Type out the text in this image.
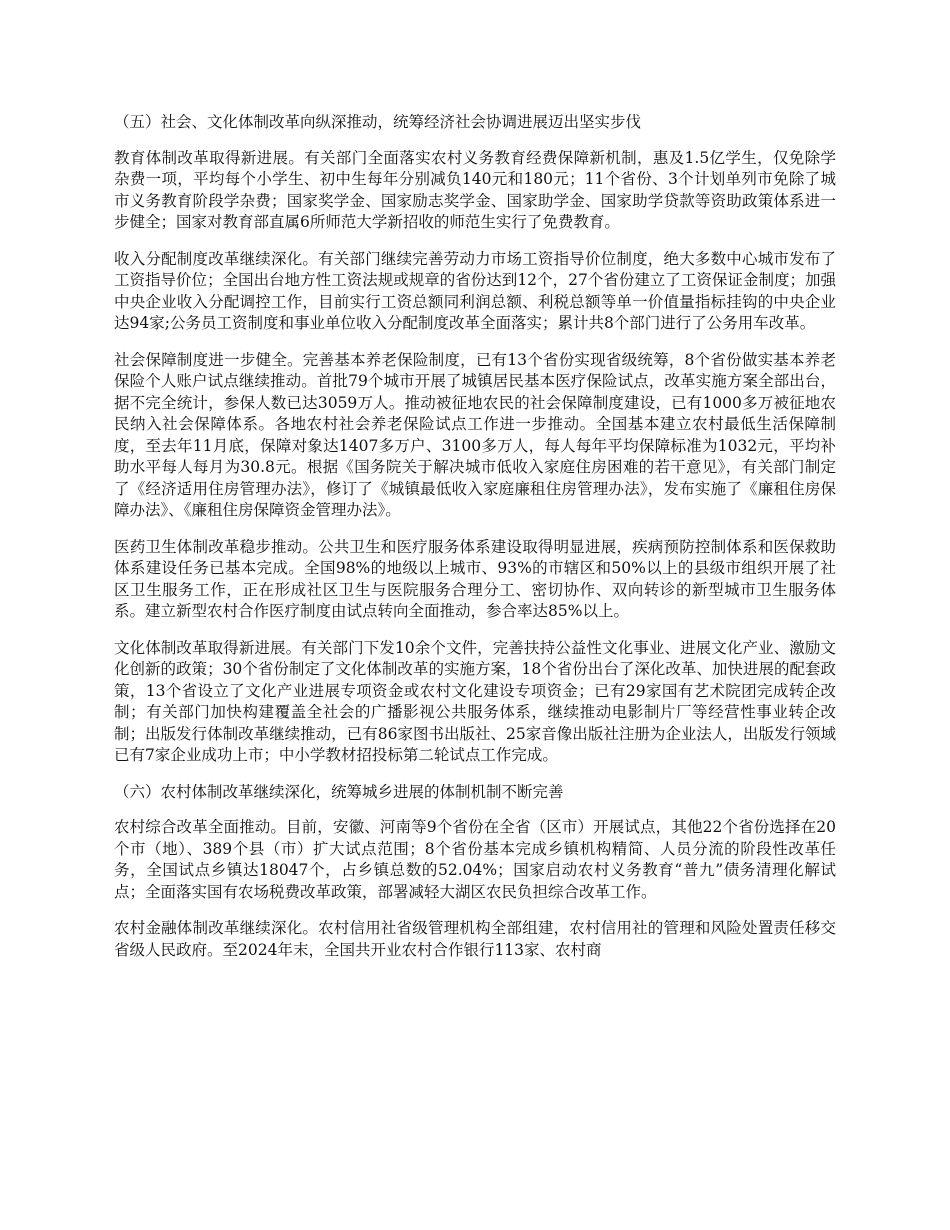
（五）社会、文化体制改革向纵深推动，统筹经济社会协调进展迈出坚实步伐

教育体制改革取得新进展。有关部门全面落实农村义务教育经费保障新机制，惠及1.5亿学生，仅免除学杂费一项，平均每个小学生、初中生每年分别减负140元和180元；11个省份、3个计划单列市免除了城市义务教育阶段学杂费；国家奖学金、国家励志奖学金、国家助学金、国家助学贷款等资助政策体系进一步健全；国家对教育部直属6所师范大学新招收的师范生实行了免费教育。

收入分配制度改革继续深化。有关部门继续完善劳动力市场工资指导价位制度，绝大多数中心城市发布了工资指导价位；全国出台地方性工资法规或规章的省份达到12个，27个省份建立了工资保证金制度；加强中央企业收入分配调控工作，目前实行工资总额同利润总额、利税总额等单一价值量指标挂钩的中央企业达94家;公务员工资制度和事业单位收入分配制度改革全面落实；累计共8个部门进行了公务用车改革。

社会保障制度进一步健全。完善基本养老保险制度，已有13个省份实现省级统筹，8个省份做实基本养老保险个人账户试点继续推动。首批79个城市开展了城镇居民基本医疗保险试点，改革实施方案全部出台，据不完全统计，参保人数已达3059万人。推动被征地农民的社会保障制度建设，已有1000多万被征地农民纳入社会保障体系。各地农村社会养老保险试点工作进一步推动。全国基本建立农村最低生活保障制度，至去年11月底，保障对象达1407多万户、3100多万人，每人每年平均保障标准为1032元，平均补助水平每人每月为30.8元。根据《国务院关于解决城市低收入家庭住房困难的若干意见》，有关部门制定了《经济适用住房管理办法》，修订了《城镇最低收入家庭廉租住房管理办法》，发布实施了《廉租住房保障办法》、《廉租住房保障资金管理办法》。

医药卫生体制改革稳步推动。公共卫生和医疗服务体系建设取得明显进展，疾病预防控制体系和医保救助体系建设任务已基本完成。全国98%的地级以上城市、93%的市辖区和50%以上的县级市组织开展了社区卫生服务工作，正在形成社区卫生与医院服务合理分工、密切协作、双向转诊的新型城市卫生服务体系。建立新型农村合作医疗制度由试点转向全面推动，参合率达85%以上。

文化体制改革取得新进展。有关部门下发10余个文件，完善扶持公益性文化事业、进展文化产业、激励文化创新的政策；30个省份制定了文化体制改革的实施方案，18个省份出台了深化改革、加快进展的配套政策，13个省设立了文化产业进展专项资金或农村文化建设专项资金；已有29家国有艺术院团完成转企改制；有关部门加快构建覆盖全社会的广播影视公共服务体系，继续推动电影制片厂等经营性事业转企改制；出版发行体制改革继续推动，已有86家图书出版社、25家音像出版社注册为企业法人，出版发行领域已有7家企业成功上市；中小学教材招投标第二轮试点工作完成。

（六）农村体制改革继续深化，统筹城乡进展的体制机制不断完善

农村综合改革全面推动。目前，安徽、河南等9个省份在全省（区市）开展试点，其他22个省份选择在20个市（地）、389个县（市）扩大试点范围；8个省份基本完成乡镇机构精简、人员分流的阶段性改革任务，全国试点乡镇达18047个，占乡镇总数的52.04%；国家启动农村义务教育“普九”债务清理化解试点；全面落实国有农场税费改革政策，部署减轻大湖区农民负担综合改革工作。

农村金融体制改革继续深化。农村信用社省级管理机构全部组建，农村信用社的管理和风险处置责任移交省级人民政府。至2024年末，全国共开业农村合作银行113家、农村商
